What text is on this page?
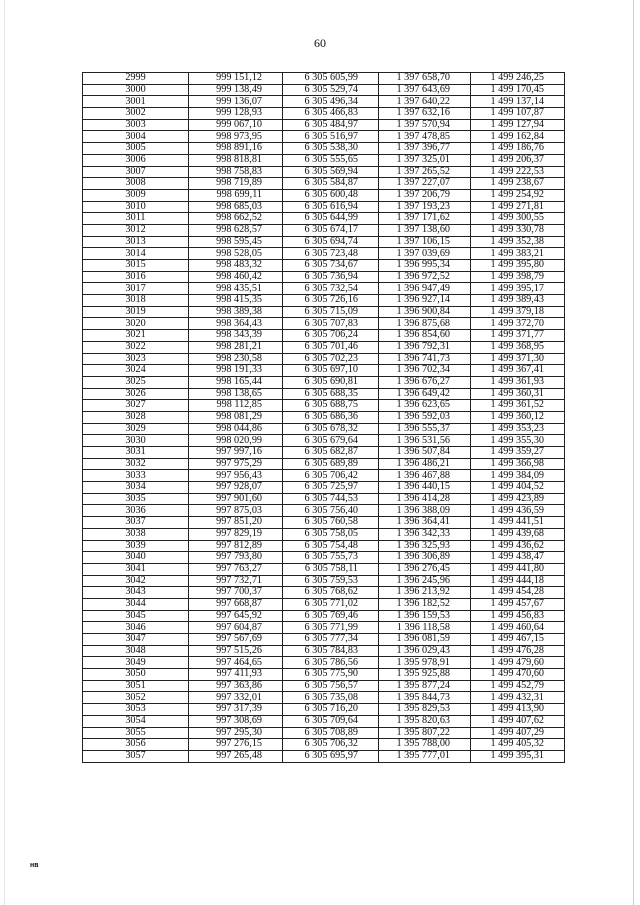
60
2999	999 151,12	6 305 605,99	1 397 658,70	1 499 246,25
3000	999 138,49	6 305 529,74	1 397 643,69	1 499 170,45
3001	999 136,07	6 305 496,34	1 397 640,22	1 499 137,14
3002	999 128,93	6 305 466,83	1 397 632,16	1 499 107,87
3003	999 067,10	6 305 484,97	1 397 570,94	1 499 127,94
3004	998 973,95	6 305 516,97	1 397 478,85	1 499 162,84
3005	998 891,16	6 305 538,30	1 397 396,77	1 499 186,76
3006	998 818,81	6 305 555,65	1 397 325,01	1 499 206,37
3007	998 758,83	6 305 569,94	1 397 265,52	1 499 222,53
3008	998 719,89	6 305 584,87	1 397 227,07	1 499 238,67
3009	998 699,11	6 305 600,48	1 397 206,79	1 499 254,92
3010	998 685,03	6 305 616,94	1 397 193,23	1 499 271,81
3011	998 662,52	6 305 644,99	1 397 171,62	1 499 300,55
3012	998 628,57	6 305 674,17	1 397 138,60	1 499 330,78
3013	998 595,45	6 305 694,74	1 397 106,15	1 499 352,38
3014	998 528,05	6 305 723,48	1 397 039,69	1 499 383,21
3015	998 483,32	6 305 734,67	1 396 995,34	1 499 395,80
3016	998 460,42	6 305 736,94	1 396 972,52	1 499 398,79
3017	998 435,51	6 305 732,54	1 396 947,49	1 499 395,17
3018	998 415,35	6 305 726,16	1 396 927,14	1 499 389,43
3019	998 389,38	6 305 715,09	1 396 900,84	1 499 379,18
3020	998 364,43	6 305 707,83	1 396 875,68	1 499 372,70
3021	998 343,39	6 305 706,24	1 396 854,60	1 499 371,77
3022	998 281,21	6 305 701,46	1 396 792,31	1 499 368,95
3023	998 230,58	6 305 702,23	1 396 741,73	1 499 371,30
3024	998 191,33	6 305 697,10	1 396 702,34	1 499 367,41
3025	998 165,44	6 305 690,81	1 396 676,27	1 499 361,93
3026	998 138,65	6 305 688,35	1 396 649,42	1 499 360,31
3027	998 112,85	6 305 688,75	1 396 623,65	1 499 361,52
3028	998 081,29	6 305 686,36	1 396 592,03	1 499 360,12
3029	998 044,86	6 305 678,32	1 396 555,37	1 499 353,23
3030	998 020,99	6 305 679,64	1 396 531,56	1 499 355,30
3031	997 997,16	6 305 682,87	1 396 507,84	1 499 359,27
3032	997 975,29	6 305 689,89	1 396 486,21	1 499 366,98
3033	997 956,43	6 305 706,42	1 396 467,88	1 499 384,09
3034	997 928,07	6 305 725,97	1 396 440,15	1 499 404,52
3035	997 901,60	6 305 744,53	1 396 414,28	1 499 423,89
3036	997 875,03	6 305 756,40	1 396 388,09	1 499 436,59
3037	997 851,20	6 305 760,58	1 396 364,41	1 499 441,51
3038	997 829,19	6 305 758,05	1 396 342,33	1 499 439,68
3039	997 812,89	6 305 754,48	1 396 325,93	1 499 436,62
3040	997 793,80	6 305 755,73	1 396 306,89	1 499 438,47
3041	997 763,27	6 305 758,11	1 396 276,45	1 499 441,80
3042	997 732,71	6 305 759,53	1 396 245,96	1 499 444,18
3043	997 700,37	6 305 768,62	1 396 213,92	1 499 454,28
3044	997 668,87	6 305 771,02	1 396 182,52	1 499 457,67
3045	997 645,92	6 305 769,46	1 396 159,53	1 499 456,83
3046	997 604,87	6 305 771,99	1 396 118,58	1 499 460,64
3047	997 567,69	6 305 777,34	1 396 081,59	1 499 467,15
3048	997 515,26	6 305 784,83	1 396 029,43	1 499 476,28
3049	997 464,65	6 305 786,56	1 395 978,91	1 499 479,60
3050	997 411,93	6 305 775,90	1 395 925,88	1 499 470,60
3051	997 363,86	6 305 756,57	1 395 877,24	1 499 452,79
3052	997 332,01	6 305 735,08	1 395 844,73	1 499 432,31
3053	997 317,39	6 305 716,20	1 395 829,53	1 499 413,90
3054	997 308,69	6 305 709,64	1 395 820,63	1 499 407,62
3055	997 295,30	6 305 708,89	1 395 807,22	1 499 407,29
3056	997 276,15	6 305 706,32	1 395 788,00	1 499 405,32
3057	997 265,48	6 305 695,97	1 395 777,01	1 499 395,31
нв
